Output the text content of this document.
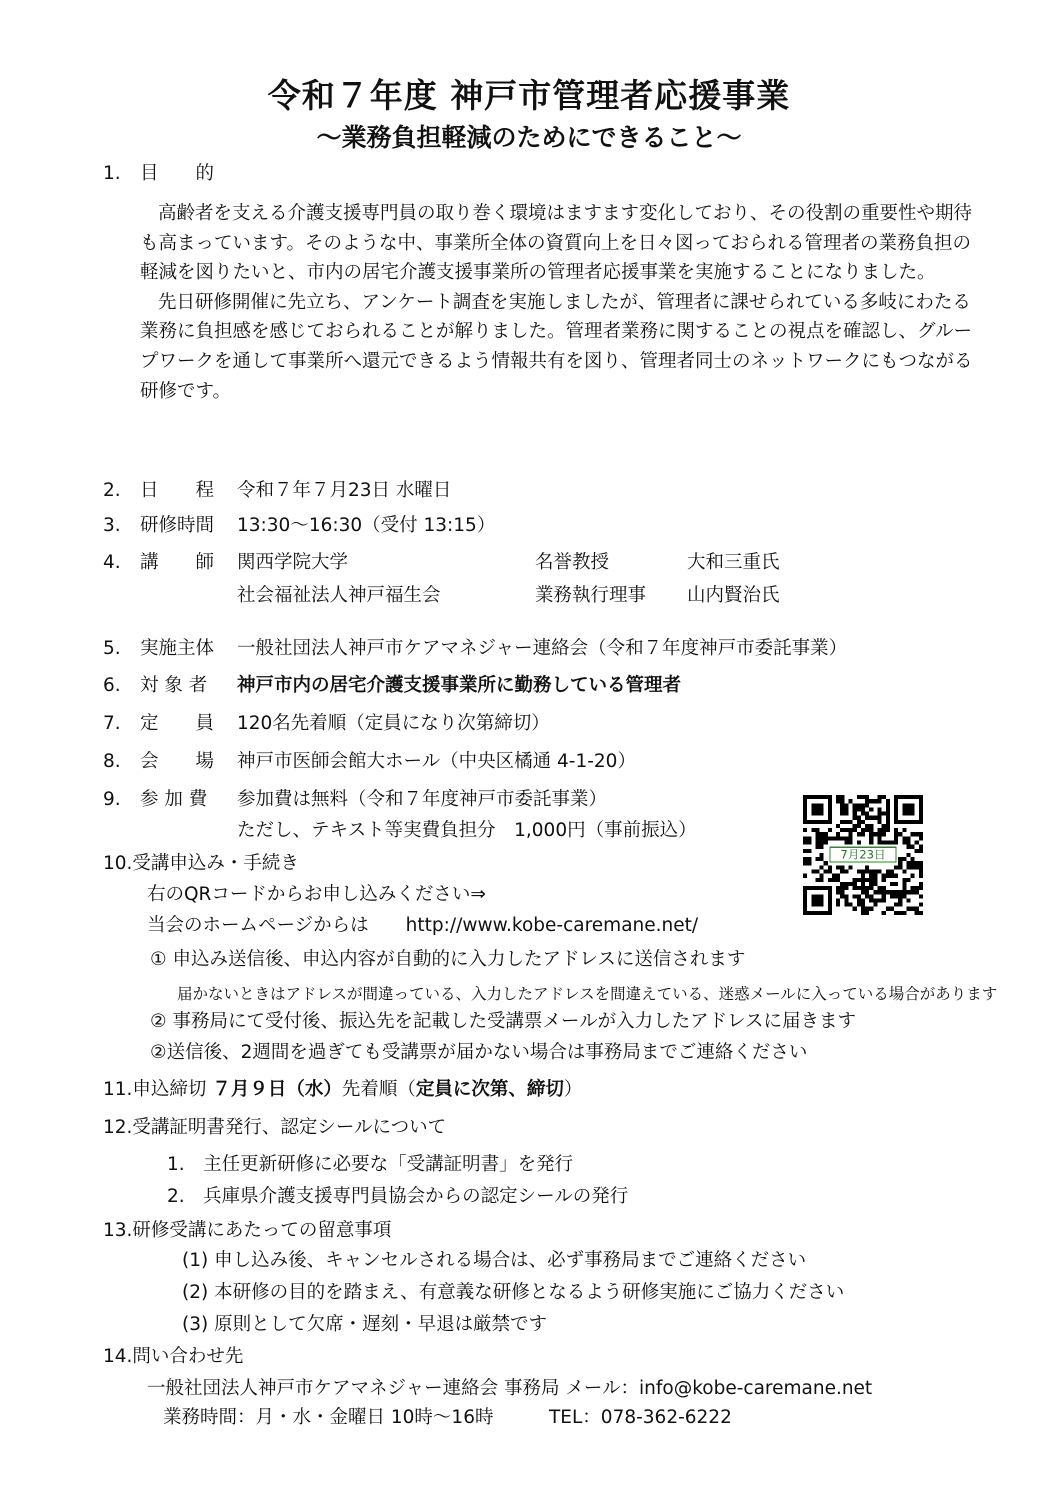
令和７年度 神戸市管理者応援事業
～業務負担軽減のためにできること～
1. 目　　的

高齢者を支える介護支援専門員の取り巻く環境はますます変化しており、その役割の重要性や期待も高まっています。そのような中、事業所全体の資質向上を日々図っておられる管理者の業務負担の軽減を図りたいと、市内の居宅介護支援事業所の管理者応援事業を実施することになりました。

先日研修開催に先立ち、アンケート調査を実施しましたが、管理者に課せられている多岐にわたる業務に負担感を感じておられることが解りました。管理者業務に関することの視点を確認し、グループワークを通して事業所へ還元できるよう情報共有を図り、管理者同士のネットワークにもつながる研修です。

2. 日　　程 令和７年７月23日 水曜日
3. 研修時間 13:30～16:30（受付 13:15）
4. 講　　師	関西学院大学	名誉教授	大和三重氏
社会福祉法人神戸福生会	業務執行理事 山内賢治氏
5. 実施主体 一般社団法人神戸市ケアマネジャー連絡会（令和７年度神戸市委託事業）
6. 対 象 者 神戸市内の居宅介護支援事業所に勤務している管理者
7. 定　　員 120名先着順（定員になり次第締切）
8. 会　　場 神戸市医師会館大ホール（中央区橘通 4-1-20）
9. 参 加 費 参加費は無料（令和７年度神戸市委託事業）
ただし、テキスト等実費負担分　1,000円（事前振込）
7月23日
10.受講申込み・手続き
右のQRコードからお申し込みください⇒
当会のホームページからは　　 http://www.kobe-caremane.net/
① 申込み送信後、申込内容が自動的に入力したアドレスに送信されます
届かないときはアドレスが間違っている、入力したアドレスを間違えている、迷惑メールに入っている場合があります
② 事務局にて受付後、振込先を記載した受講票メールが入力したアドレスに届きます
②送信後、2週間を過ぎても受講票が届かない場合は事務局までご連絡ください
11.申込締切 ７月９日（水）先着順（定員に次第、締切）
12.受講証明書発行、認定シールについて
1.　主任更新研修に必要な「受講証明書」を発行
2.　兵庫県介護支援専門員協会からの認定シールの発行
13.研修受講にあたっての留意事項
(1) 申し込み後、キャンセルされる場合は、必ず事務局までご連絡ください
(2) 本研修の目的を踏まえ、有意義な研修となるよう研修実施にご協力ください
(3) 原則として欠席・遅刻・早退は厳禁です
14.問い合わせ先
一般社団法人神戸市ケアマネジャー連絡会 事務局 メール：info@kobe-caremane.net
業務時間：月・水・金曜日 10時～16時	TEL：078-362-6222
